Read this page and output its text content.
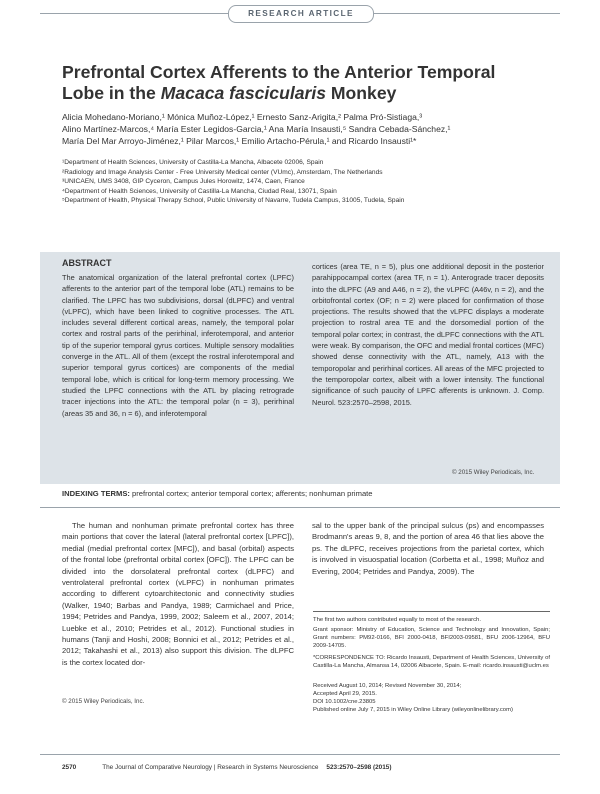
RESEARCH ARTICLE
Prefrontal Cortex Afferents to the Anterior Temporal Lobe in the Macaca fascicularis Monkey
Alicia Mohedano-Moriano,¹ Mónica Muñoz-López,¹ Ernesto Sanz-Arigita,² Palma Pró-Sistiaga,³
Alino Martínez-Marcos,⁴ María Ester Legidos-Garcia,¹ Ana María Insausti,⁵ Sandra Cebada-Sánchez,¹
María Del Mar Arroyo-Jiménez,¹ Pilar Marcos,¹ Emilio Artacho-Pérula,¹ and Ricardo Insausti¹*
¹Department of Health Sciences, University of Castilla-La Mancha, Albacete 02006, Spain
²Radiology and Image Analysis Center - Free University Medical center (VUmc), Amsterdam, The Netherlands
³UNICAEN, UMS 3408, GIP Cyceron, Campus Jules Horowitz, 1474, Caen, France
⁴Department of Health Sciences, University of Castilla-La Mancha, Ciudad Real, 13071, Spain
⁵Department of Health, Physical Therapy School, Public University of Navarre, Tudela Campus, 31005, Tudela, Spain
ABSTRACT
The anatomical organization of the lateral prefrontal cortex (LPFC) afferents to the anterior part of the temporal lobe (ATL) remains to be clarified. The LPFC has two subdivisions, dorsal (dLPFC) and ventral (vLPFC), which have been linked to cognitive processes. The ATL includes several different cortical areas, namely, the temporal polar cortex and rostral parts of the perirhinal, inferotemporal, and anterior tip of the superior temporal gyrus cortices. Multiple sensory modalities converge in the ATL. All of them (except the rostral inferotemporal and superior temporal gyrus cortices) are components of the medial temporal lobe, which is critical for long-term memory processing. We studied the LPFC connections with the ATL by placing retrograde tracer injections into the ATL: the temporal polar (n = 3), perirhinal (areas 35 and 36, n = 6), and inferotemporal
cortices (area TE, n = 5), plus one additional deposit in the posterior parahippocampal cortex (area TF, n = 1). Anterograde tracer deposits into the dLPFC (A9 and A46, n = 2), the vLPFC (A46v, n = 2), and the orbitofrontal cortex (OF; n = 2) were placed for confirmation of those projections. The results showed that the vLPFC displays a moderate projection to rostral area TE and the dorsomedial portion of the temporal polar cortex; in contrast, the dLPFC connections with the ATL were weak. By comparison, the OFC and medial frontal cortices (MFC) showed dense connectivity with the ATL, namely, A13 with the temporopolar and perirhinal cortices. All areas of the MFC projected to the temporopolar cortex, albeit with a lower intensity. The functional significance of such paucity of LPFC afferents is unknown. J. Comp. Neurol. 523:2570–2598, 2015.
© 2015 Wiley Periodicals, Inc.
INDEXING TERMS: prefrontal cortex; anterior temporal cortex; afferents; nonhuman primate
The human and nonhuman primate prefrontal cortex has three main portions that cover the lateral (lateral prefrontal cortex [LPFC]), medial (medial prefrontal cortex [MFC]), and basal (orbital) aspects of the frontal lobe (prefrontal orbital cortex [OFC]). The LPFC can be divided into the dorsolateral prefrontal cortex (dLPFC) and ventrolateral prefrontal cortex (vLPFC) in nonhuman primates according to different cytoarchitectonic and connectivity studies (Walker, 1940; Barbas and Pandya, 1989; Carmichael and Price, 1994; Petrides and Pandya, 1999, 2002; Saleem et al., 2007, 2014; Luebke et al., 2010; Petrides et al., 2012). Functional studies in humans (Tanji and Hoshi, 2008; Bonnici et al., 2012; Petrides et al., 2012; Takahashi et al., 2013) also support this division. The dLPFC is the cortex located dor-
sal to the upper bank of the principal sulcus (ps) and encompasses Brodmann's areas 9, 8, and the portion of area 46 that lies above the ps. The dLPFC, receives projections from the parietal cortex, which is involved in visuospatial location (Corbetta et al., 1998; Muñoz and Evering, 2004; Petrides and Pandya, 2009). The
The first two authors contributed equally to most of the research.
Grant sponsor: Ministry of Education, Science and Technology and Innovation, Spain; Grant numbers: PM92-0166, BFI 2000-0418, BFI2003-09581, BFU 2006-12964, BFU 2009-14705.
*CORRESPONDENCE TO: Ricardo Insausti, Department of Health Sciences, University of Castilla-La Mancha, Almansa 14, 02006 Albacete, Spain. E-mail: ricardo.insausti@uclm.es
Received August 10, 2014; Revised November 30, 2014;
Accepted April 29, 2015.
DOI 10.1002/cne.23805
Published online July 7, 2015 in Wiley Online Library (wileyonlinelibrary.com)
© 2015 Wiley Periodicals, Inc.
2570	The Journal of Comparative Neurology | Research in Systems Neuroscience 523:2570–2598 (2015)
